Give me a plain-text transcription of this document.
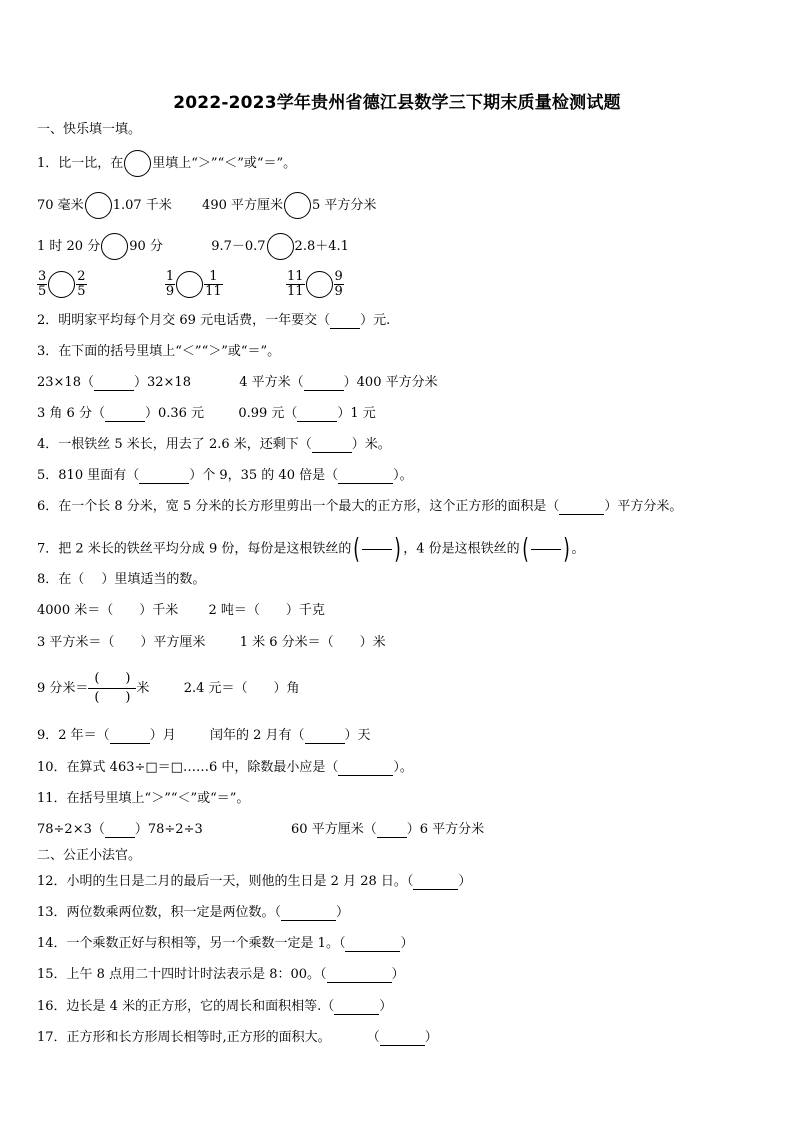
2022-2023学年贵州省德江县数学三下期末质量检测试题
一、快乐填一填。
1．比一比，在 里填上“＞”“＜”或“＝”。
70 毫米 1.07 千米 490 平方厘米 5 平方分米
1 时 20 分 90 分	9.7－0.7 2.8＋4.1
$\frac{3}{5} \frac{2}{5}$
	$\frac{1}{9} \frac{1}{11}$
	$\frac{11}{11} \frac{9}{9}$
2．明明家平均每个月交 69 元电话费，一年要交（ ）元.
3．在下面的括号里填上“＜”“＞”或“＝”。
23×18（	）32×18	4 平方米（	）400 平方分米
3 角 6 分（	）0.36 元	0.99 元（	）1 元
4．一根铁丝 5 米长，用去了 2.6 米，还剩下（	）米。
5．810 里面有（	）个 9，35 的 40 倍是（	）。
6．在一个长 8 分米，宽 5 分米的长方形里剪出一个最大的正方形，这个正方形的面积是（	）平方分米。
7．把 2 米长的铁丝平均分成 9 份，每份是这根铁丝的 ( ) ，4 份是这根铁丝的 ( ) 。
8．在（　 ）里填适当的数。
4000 米＝（　　）千米 2 吨＝（　　）千克
3 平方米＝（　　）平方厘米	1 米 6 分米＝（　　）米
9 分米＝
(　　)
(　　)
米	2.4 元＝（　　）角
9．2 年＝（	）月	闰年的 2 月有（	）天
10．在算式 463÷□＝□……6 中，除数最小应是（	）。
11．在括号里填上“＞”“＜”或“＝”。
78÷2×3（ ）78÷2÷3	60 平方厘米（ ）6 平方分米
二、公正小法官。
12．小明的生日是二月的最后一天，则他的生日是 2 月 28 日。（	）
13．两位数乘两位数，积一定是两位数。（	）
14．一个乘数正好与积相等，另一个乘数一定是 1。（	）
15．上午 8 点用二十四时计时法表示是 8：00。（	）
16．边长是 4 米的正方形，它的周长和面积相等.（	）
17．正方形和长方形周长相等时,正方形的面积大。	（	）
